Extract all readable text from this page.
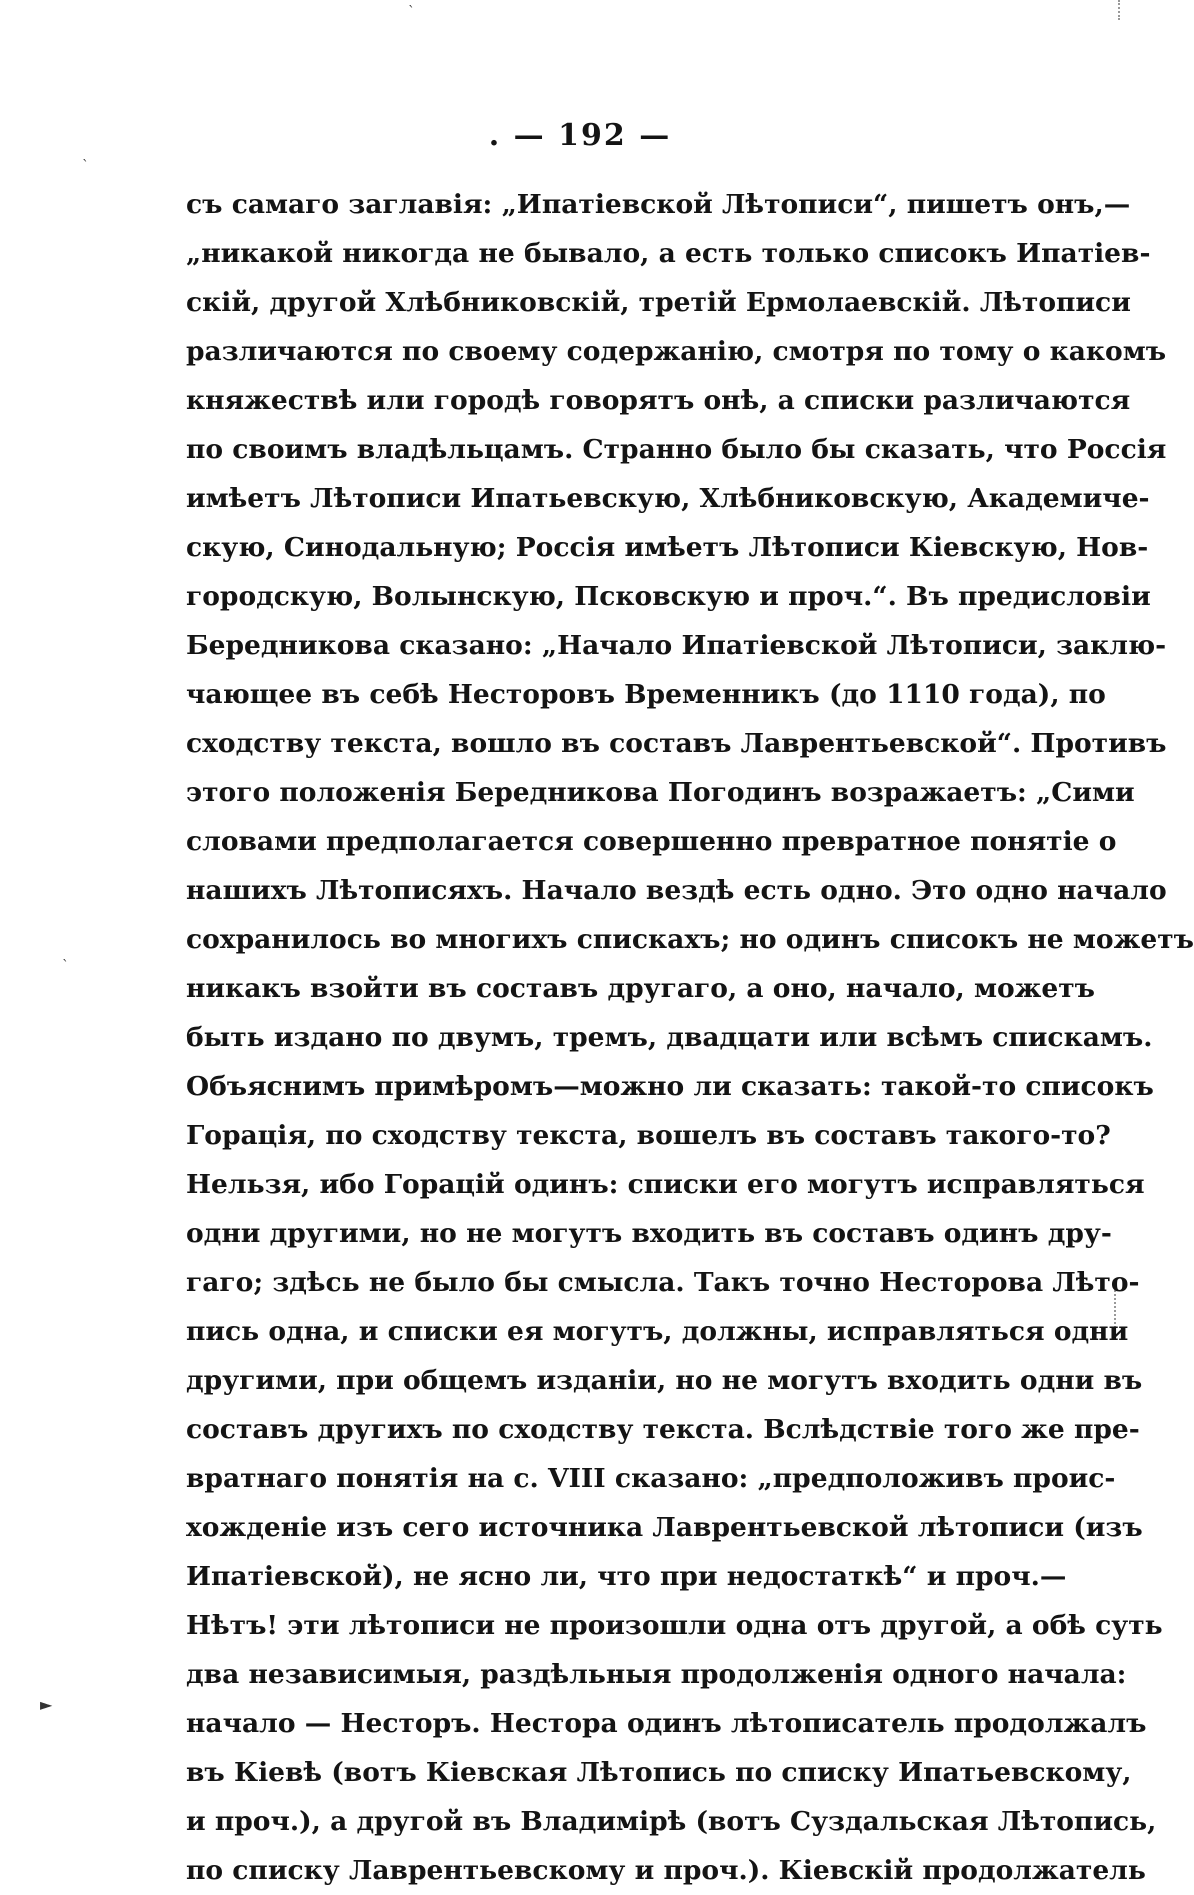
ˋ
ˋ
ˋ
►
. — 192 —
съ самаго заглавія: „Ипатіевской Лѣтописи“, пишетъ онъ,—
„никакой никогда не бывало, а есть только списокъ Ипатіев-
скій, другой Хлѣбниковскій, третій Ермолаевскій. Лѣтописи
различаются по своему содержанію, смотря по тому о какомъ
княжествѣ или городѣ говорятъ онѣ, а списки различаются
по своимъ владѣльцамъ. Странно было бы сказать, что Россія
имѣетъ Лѣтописи Ипатьевскую, Хлѣбниковскую, Академиче-
скую, Синодальную; Россія имѣетъ Лѣтописи Кіевскую, Нов-
городскую, Волынскую, Псковскую и проч.“. Въ предисловіи
Бередникова сказано: „Начало Ипатіевской Лѣтописи, заклю-
чающее въ себѣ Несторовъ Временникъ (до 1110 года), по
сходству текста, вошло въ составъ Лаврентьевской“. Противъ
этого положенія Бередникова Погодинъ возражаетъ: „Сими
словами предполагается совершенно превратное понятіе о
нашихъ Лѣтописяхъ. Начало вездѣ есть одно. Это одно начало
сохранилось во многихъ спискахъ; но одинъ списокъ не можетъ
никакъ взойти въ составъ другаго, а оно, начало, можетъ
быть издано по двумъ, тремъ, двадцати или всѣмъ спискамъ.
Объяснимъ примѣромъ—можно ли сказать: такой-то списокъ
Горація, по сходству текста, вошелъ въ составъ такого-то?
Нельзя, ибо Горацій одинъ: списки его могутъ исправляться
одни другими, но не могутъ входить въ составъ одинъ дру-
гаго; здѣсь не было бы смысла. Такъ точно Несторова Лѣто-
пись одна, и списки ея могутъ, должны, исправляться одни
другими, при общемъ изданіи, но не могутъ входить одни въ
составъ другихъ по сходству текста. Вслѣдствіе того же пре-
вратнаго понятія на с. VIII сказано: „предположивъ проис-
хожденіе изъ сего источника Лаврентьевской лѣтописи (изъ
Ипатіевской), не ясно ли, что при недостаткѣ“ и проч.—
Нѣтъ! эти лѣтописи не произошли одна отъ другой, а обѣ суть
два независимыя, раздѣльныя продолженія одного начала:
начало — Несторъ. Нестора одинъ лѣтописатель продолжалъ
въ Кіевѣ (вотъ Кіевская Лѣтопись по списку Ипатьевскому,
и проч.), а другой въ Владимірѣ (вотъ Суздальская Лѣтопись,
по списку Лаврентьевскому и проч.). Кіевскій продолжатель
